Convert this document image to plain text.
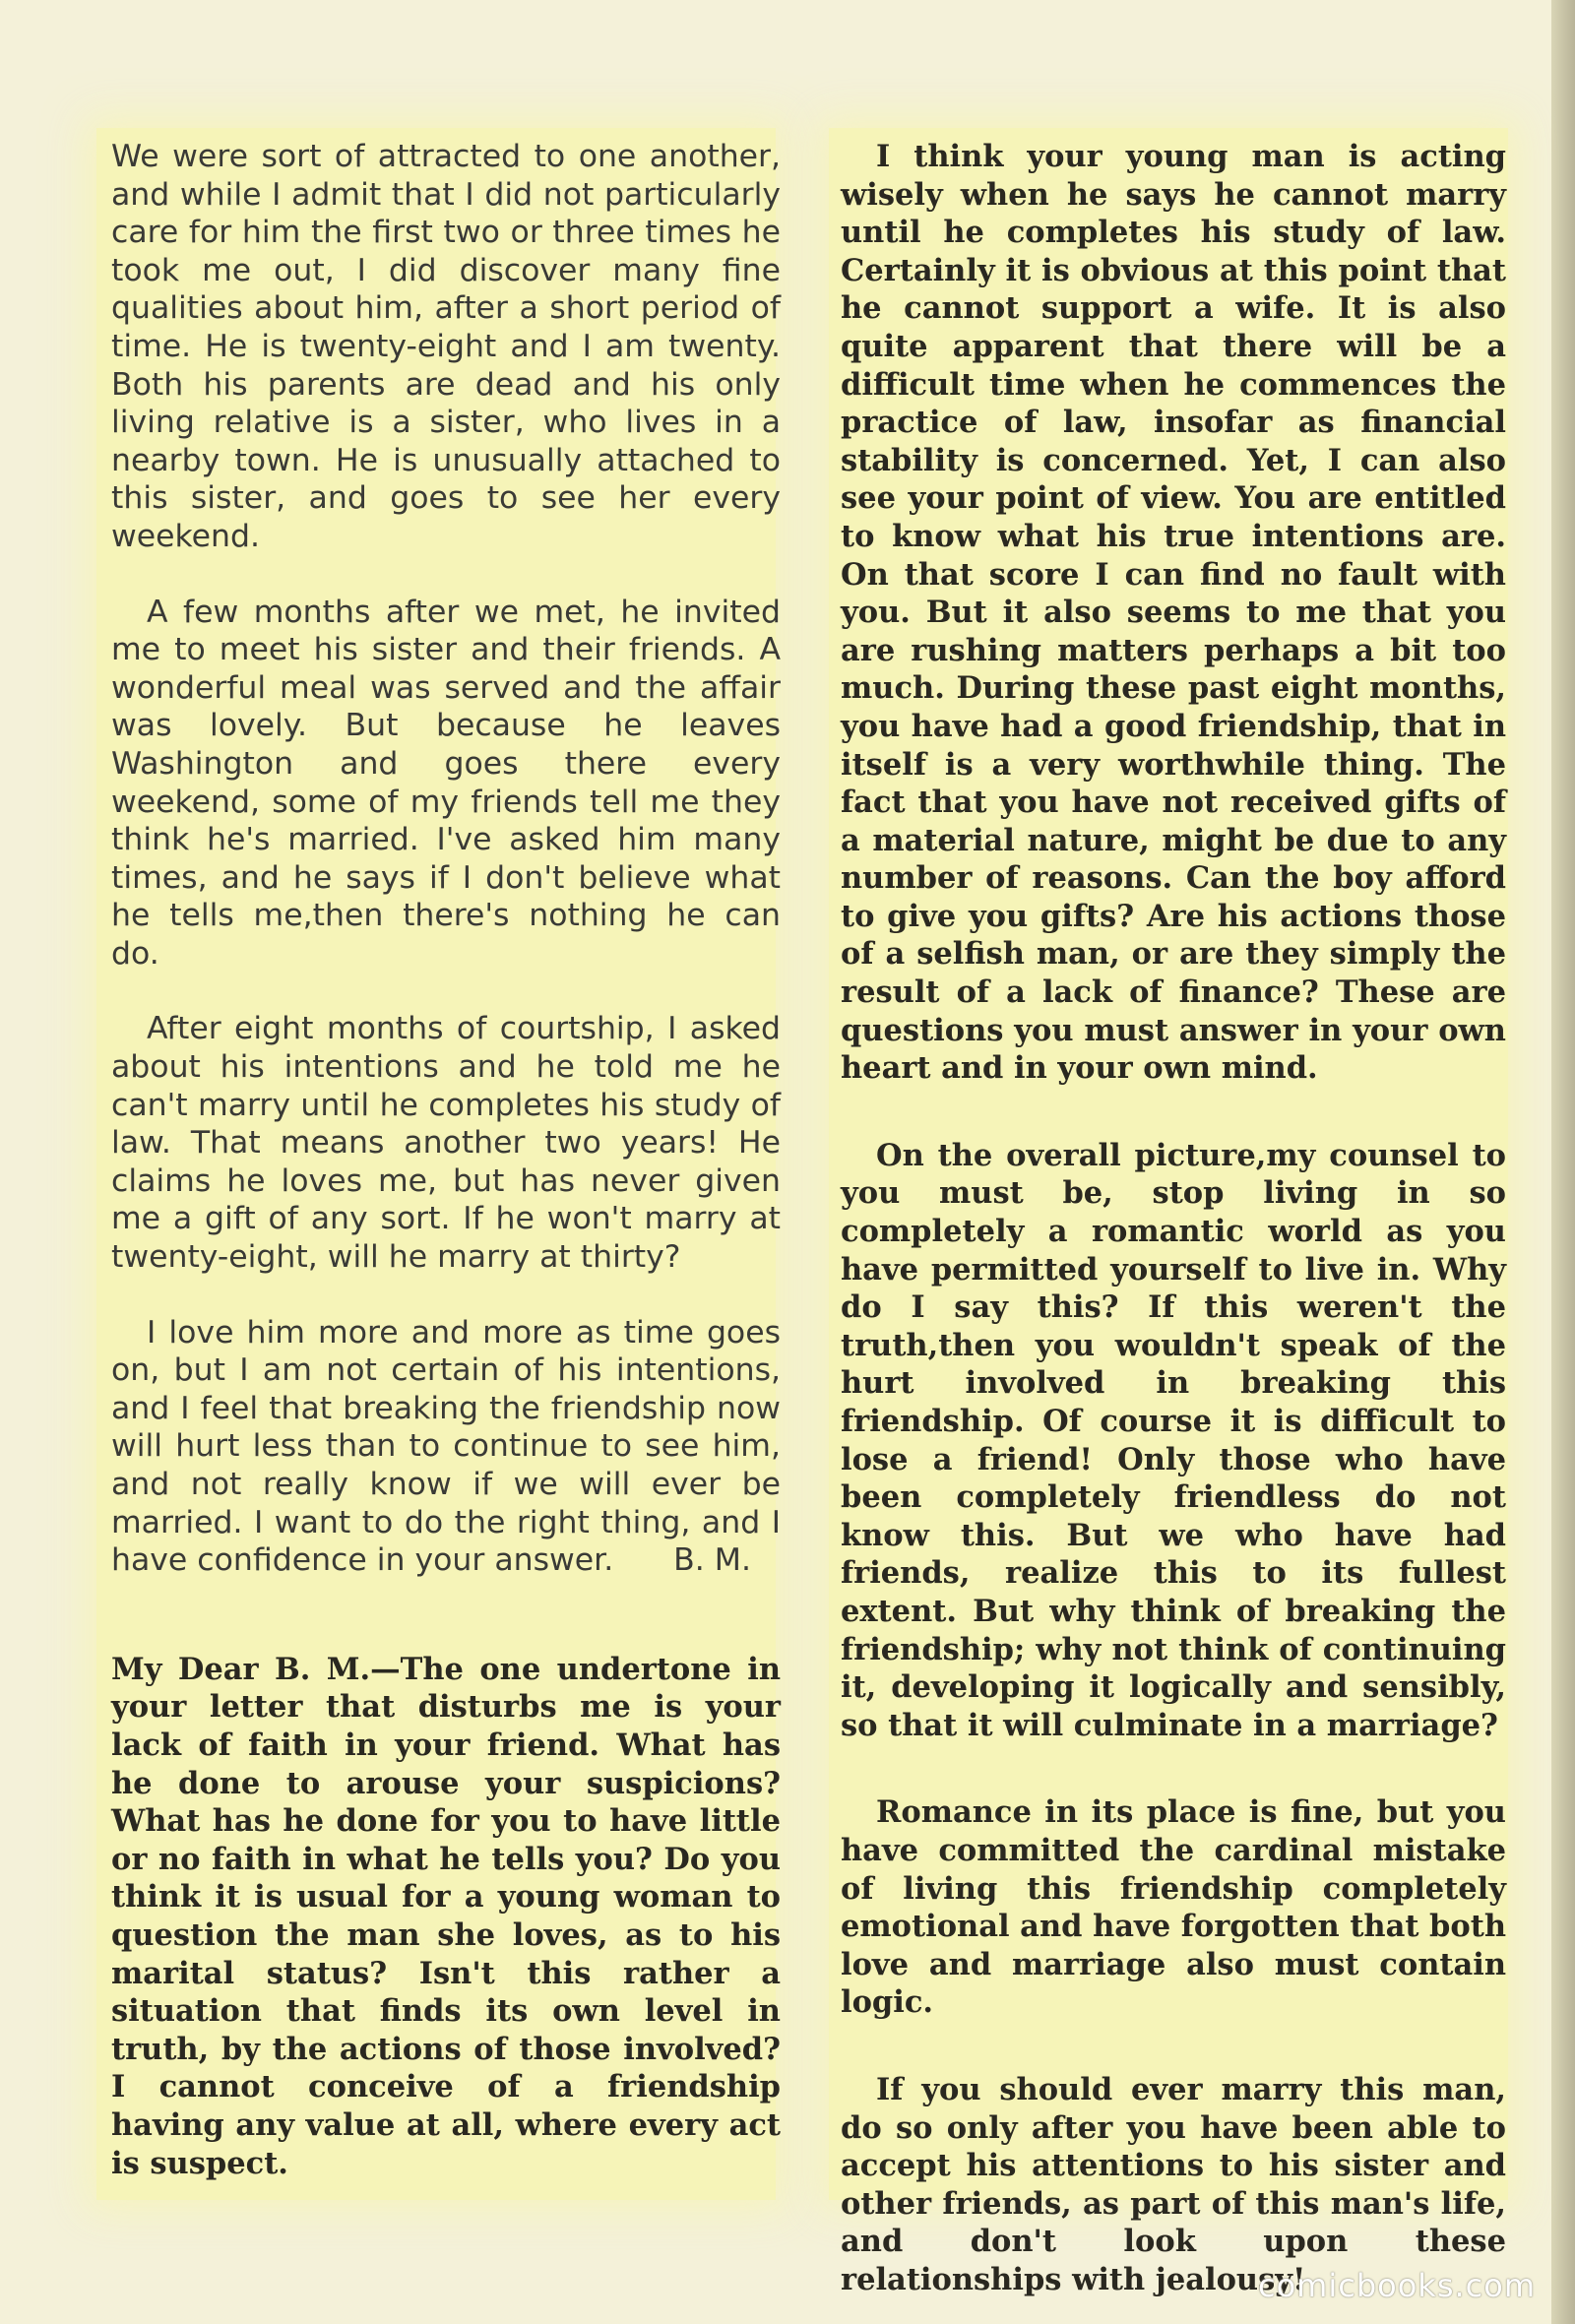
We were sort of attracted to one another, and while I admit that I did not particularly care for him the first two or three times he took me out, I did discover many fine qualities about him, after a short period of time. He is twenty-eight and I am twenty. Both his parents are dead and his only living relative is a sister, who lives in a nearby town. He is unusually attached to this sister, and goes to see her every weekend.

A few months after we met, he invited me to meet his sister and their friends. A wonderful meal was served and the affair was lovely. But because he leaves Washington and goes there every weekend, some of my friends tell me they think he's married. I've asked him many times, and he says if I don't believe what he tells me,then there's nothing he can do.

After eight months of courtship, I asked about his intentions and he told me he can't marry until he completes his study of law. That means another two years! He claims he loves me, but has never given me a gift of any sort. If he won't marry at twenty-eight, will he marry at thirty?

I love him more and more as time goes on, but I am not certain of his intentions, and I feel that breaking the friendship now will hurt less than to continue to see him, and not really know if we will ever be married. I want to do the right thing, and I have confidence in your answer.	B. M.

My Dear B. M.—The one undertone in your letter that disturbs me is your lack of faith in your friend. What has he done to arouse your suspicions? What has he done for you to have little or no faith in what he tells you? Do you think it is usual for a young woman to question the man she loves, as to his marital status? Isn't this rather a situation that finds its own level in truth, by the actions of those involved? I cannot conceive of a friendship having any value at all, where every act is suspect.

I think your young man is acting wisely when he says he cannot marry until he completes his study of law. Certainly it is obvious at this point that he cannot support a wife. It is also quite apparent that there will be a difficult time when he commences the practice of law, insofar as financial stability is concerned. Yet, I can also see your point of view. You are entitled to know what his true intentions are. On that score I can find no fault with you. But it also seems to me that you are rushing matters perhaps a bit too much. During these past eight months, you have had a good friendship, that in itself is a very worthwhile thing. The fact that you have not received gifts of a material nature, might be due to any number of reasons. Can the boy afford to give you gifts? Are his actions those of a selfish man, or are they simply the result of a lack of finance? These are questions you must answer in your own heart and in your own mind.

On the overall picture,my counsel to you must be, stop living in so completely a romantic world as you have permitted yourself to live in. Why do I say this? If this weren't the truth,then you wouldn't speak of the hurt involved in breaking this friendship. Of course it is difficult to lose a friend! Only those who have been completely friendless do not know this. But we who have had friends, realize this to its fullest extent. But why think of breaking the friendship; why not think of continuing it, developing it logically and sensibly, so that it will culminate in a marriage?

Romance in its place is fine, but you have committed the cardinal mistake of living this friendship completely emotional and have forgotten that both love and marriage also must contain logic.

If you should ever marry this man, do so only after you have been able to accept his attentions to his sister and other friends, as part of this man's life, and don't look upon these relationships with jealousy!

comicbooks.com
